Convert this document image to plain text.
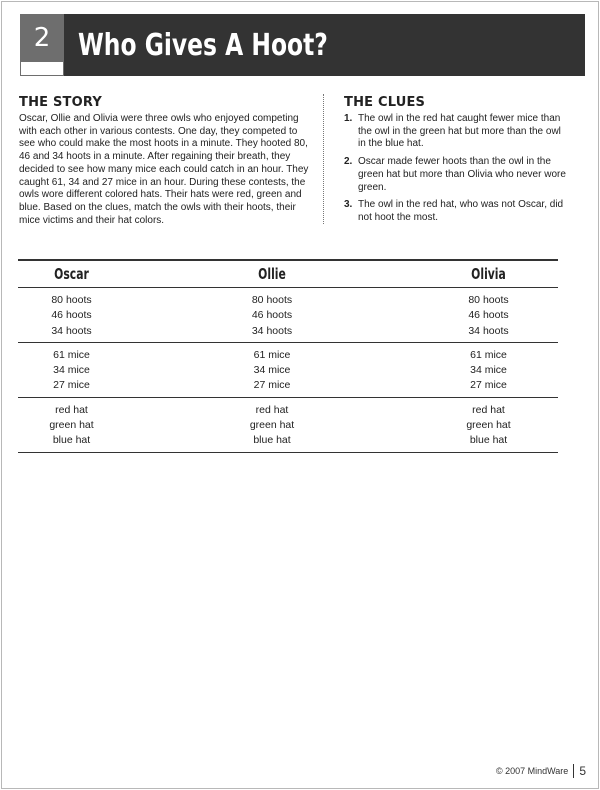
2 Who Gives A Hoot?
THE STORY
Oscar, Ollie and Olivia were three owls who enjoyed competing with each other in various contests. One day, they competed to see who could make the most hoots in a minute. They hooted 80, 46 and 34 hoots in a minute. After regaining their breath, they decided to see how many mice each could catch in an hour. They caught 61, 34 and 27 mice in an hour. During these contests, the owls wore different colored hats. Their hats were red, green and blue. Based on the clues, match the owls with their hoots, their mice victims and their hat colors.
THE CLUES
1. The owl in the red hat caught fewer mice than the owl in the green hat but more than the owl in the blue hat.
2. Oscar made fewer hoots than the owl in the green hat but more than Olivia who never wore green.
3. The owl in the red hat, who was not Oscar, did not hoot the most.
Oscar	Ollie	Olivia
80 hoots
46 hoots
34 hoots
80 hoots
46 hoots
34 hoots
80 hoots
46 hoots
34 hoots
61 mice
34 mice
27 mice
61 mice
34 mice
27 mice
61 mice
34 mice
27 mice
red hat
green hat
blue hat
red hat
green hat
blue hat
red hat
green hat
blue hat
© 2007 MindWare 5
